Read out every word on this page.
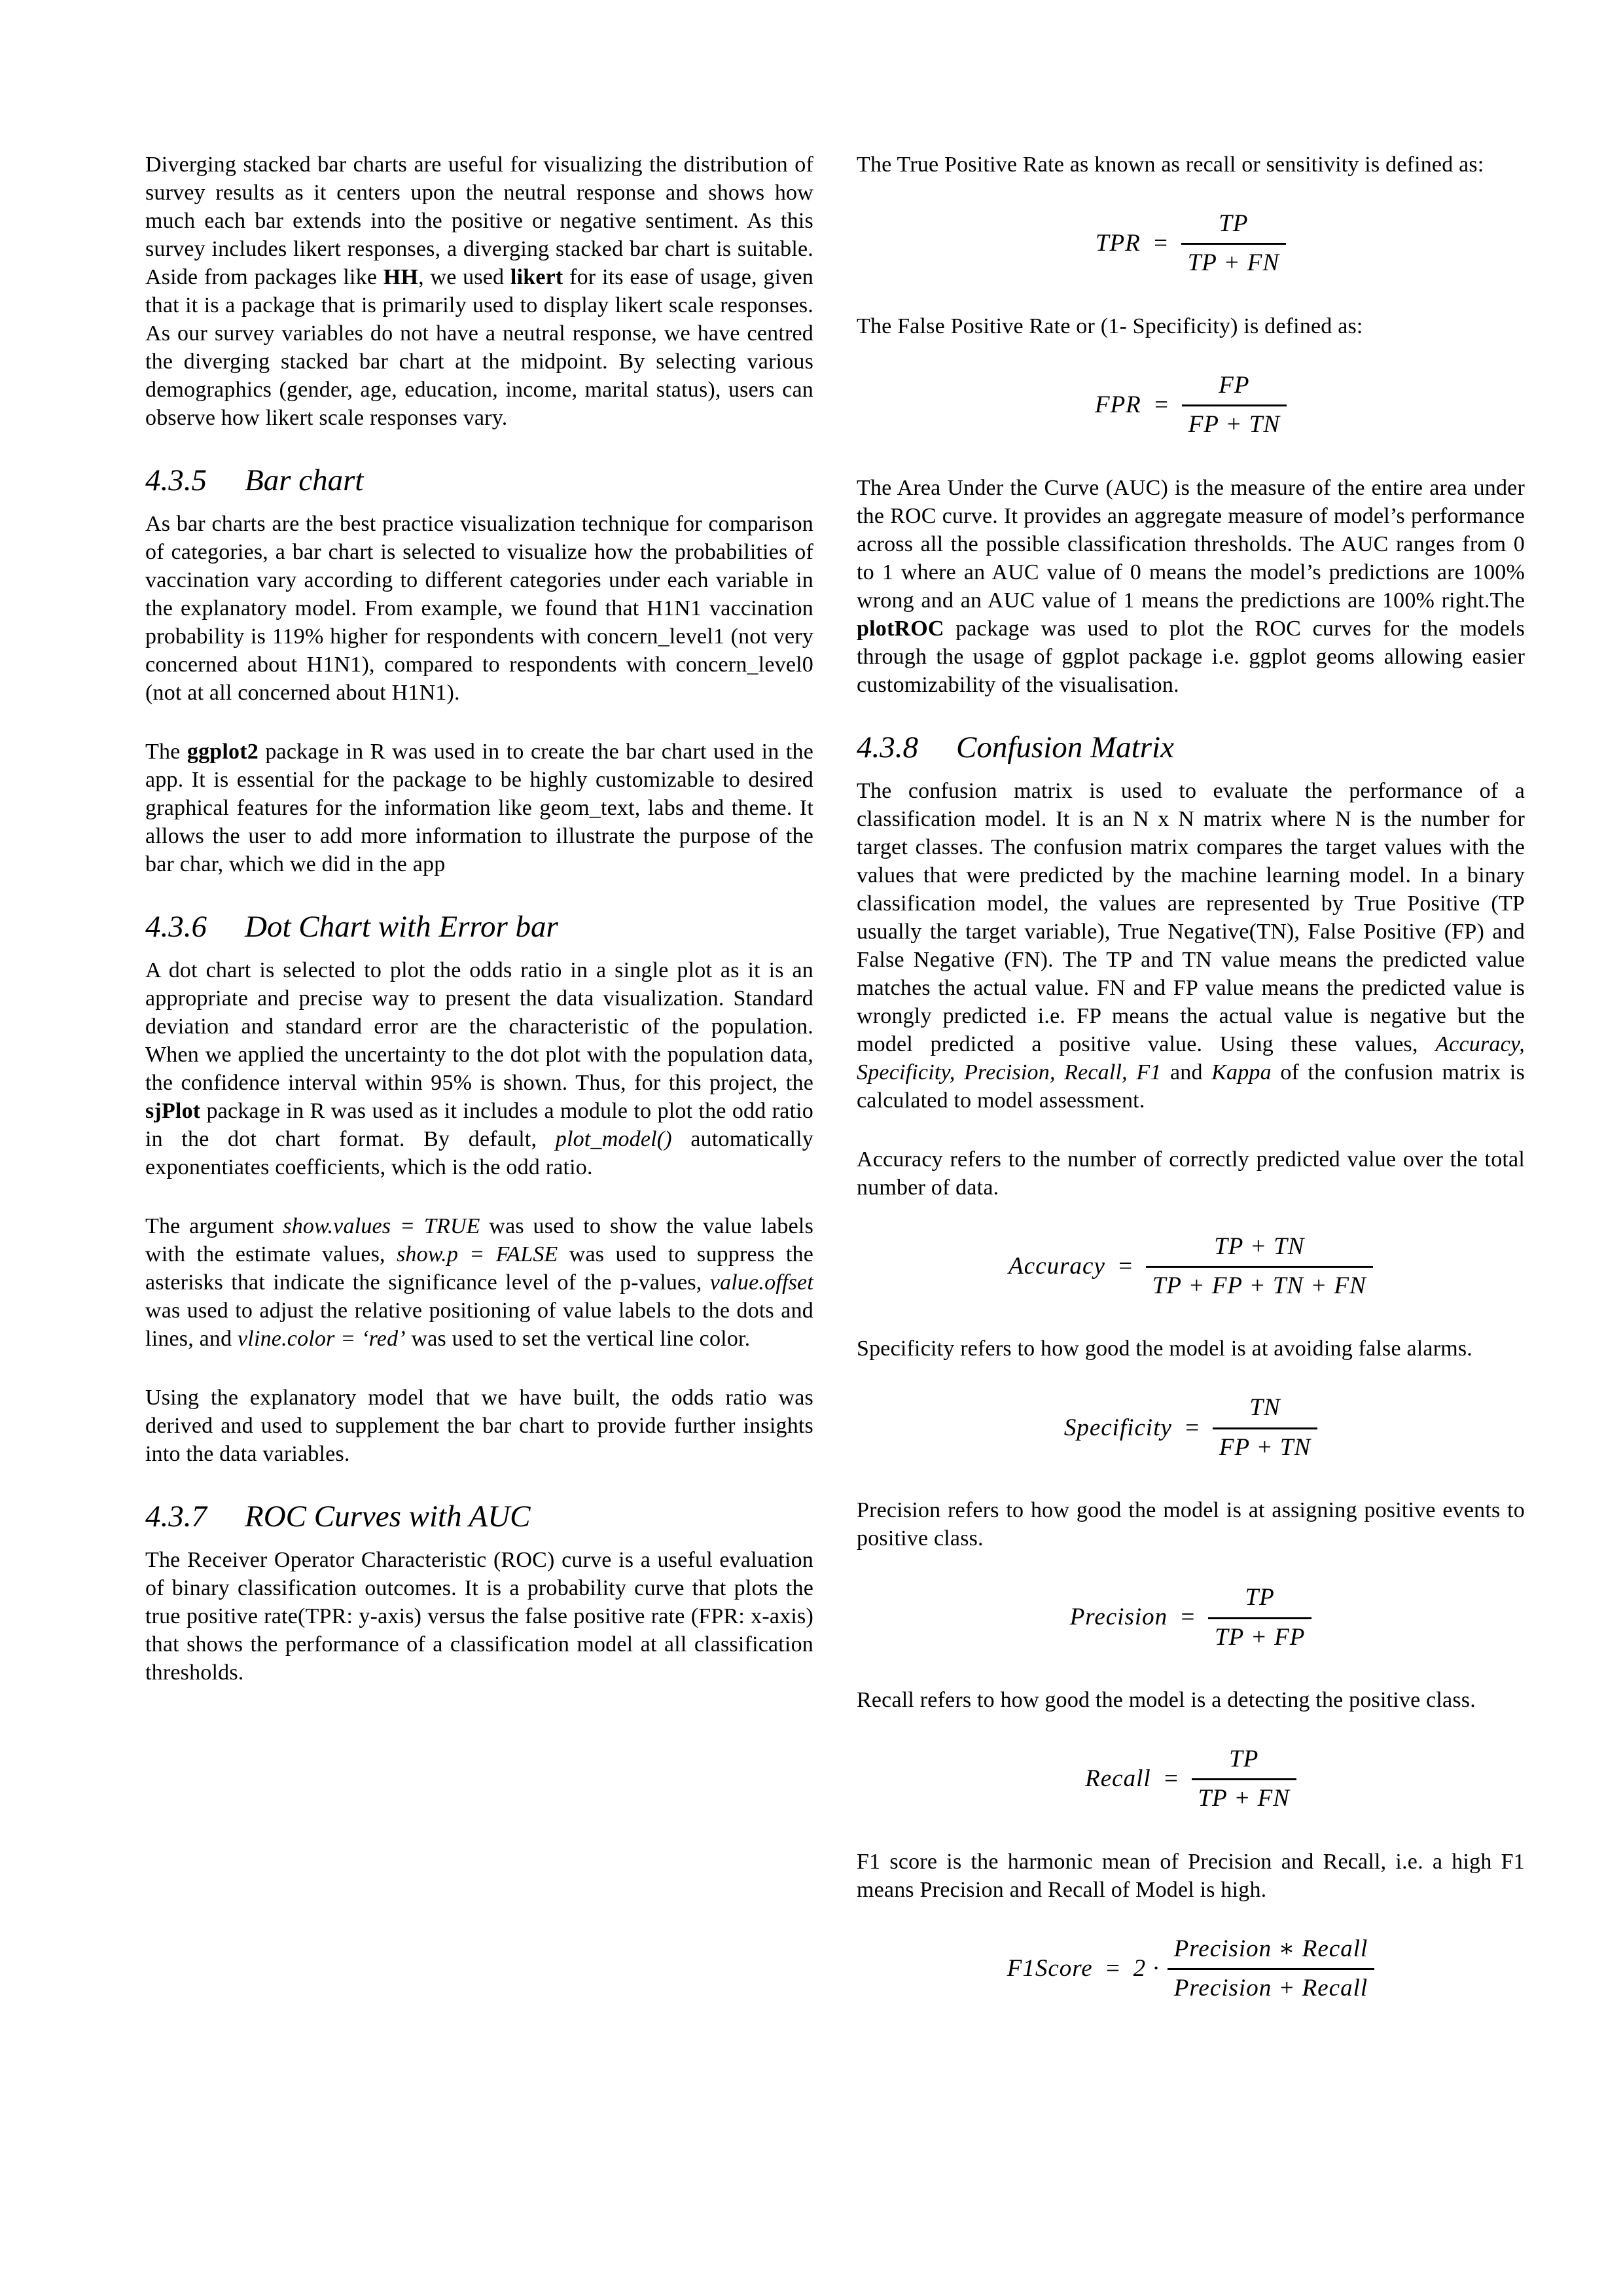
Diverging stacked bar charts are useful for visualizing the distribution of survey results as it centers upon the neutral response and shows how much each bar extends into the positive or negative sentiment. As this survey includes likert responses, a diverging stacked bar chart is suitable. Aside from packages like HH, we used likert for its ease of usage, given that it is a package that is primarily used to display likert scale responses. As our survey variables do not have a neutral response, we have centred the diverging stacked bar chart at the midpoint. By selecting various demographics (gender, age, education, income, marital status), users can observe how likert scale responses vary.

4.3.5 Bar chart

As bar charts are the best practice visualization technique for comparison of categories, a bar chart is selected to visualize how the probabilities of vaccination vary according to different categories under each variable in the explanatory model. From example, we found that H1N1 vaccination probability is 119% higher for respondents with concern_level1 (not very concerned about H1N1), compared to respondents with concern_level0 (not at all concerned about H1N1).

The ggplot2 package in R was used in to create the bar chart used in the app. It is essential for the package to be highly customizable to desired graphical features for the information like geom_text, labs and theme. It allows the user to add more information to illustrate the purpose of the bar char, which we did in the app

4.3.6 Dot Chart with Error bar

A dot chart is selected to plot the odds ratio in a single plot as it is an appropriate and precise way to present the data visualization. Standard deviation and standard error are the characteristic of the population. When we applied the uncertainty to the dot plot with the population data, the confidence interval within 95% is shown. Thus, for this project, the sjPlot package in R was used as it includes a module to plot the odd ratio in the dot chart format. By default, plot_model() automatically exponentiates coefficients, which is the odd ratio.

The argument show.values = TRUE was used to show the value labels with the estimate values, show.p = FALSE was used to suppress the asterisks that indicate the significance level of the p-values, value.offset was used to adjust the relative positioning of value labels to the dots and lines, and vline.color = ‘red’ was used to set the vertical line color.

Using the explanatory model that we have built, the odds ratio was derived and used to supplement the bar chart to provide further insights into the data variables.

4.3.7 ROC Curves with AUC

The Receiver Operator Characteristic (ROC) curve is a useful evaluation of binary classification outcomes. It is a probability curve that plots the true positive rate(TPR: y-axis) versus the false positive rate (FPR: x-axis) that shows the performance of a classification model at all classification thresholds.

The True Positive Rate as known as recall or sensitivity is defined as:

TPR = $\frac{TP}{TP + FN}$

The False Positive Rate or (1- Specificity) is defined as:

FPR = $\frac{FP}{FP + TN}$

The Area Under the Curve (AUC) is the measure of the entire area under the ROC curve. It provides an aggregate measure of model’s performance across all the possible classification thresholds. The AUC ranges from 0 to 1 where an AUC value of 0 means the model’s predictions are 100% wrong and an AUC value of 1 means the predictions are 100% right.The plotROC package was used to plot the ROC curves for the models through the usage of ggplot package i.e. ggplot geoms allowing easier customizability of the visualisation.

4.3.8 Confusion Matrix

The confusion matrix is used to evaluate the performance of a classification model. It is an N x N matrix where N is the number for target classes. The confusion matrix compares the target values with the values that were predicted by the machine learning model. In a binary classification model, the values are represented by True Positive (TP usually the target variable), True Negative(TN), False Positive (FP) and False Negative (FN). The TP and TN value means the predicted value matches the actual value. FN and FP value means the predicted value is wrongly predicted i.e. FP means the actual value is negative but the model predicted a positive value. Using these values, Accuracy, Specificity, Precision, Recall, F1 and Kappa of the confusion matrix is calculated to model assessment.

Accuracy refers to the number of correctly predicted value over the total number of data.

Accuracy = $\frac{TP + TN}{TP + FP + TN + FN}$

Specificity refers to how good the model is at avoiding false alarms.

Specificity = $\frac{TN}{FP + TN}$

Precision refers to how good the model is at assigning positive events to positive class.

Precision = $\frac{TP}{TP + FP}$

Recall refers to how good the model is a detecting the positive class.

Recall = $\frac{TP}{TP + FN}$

F1 score is the harmonic mean of Precision and Recall, i.e. a high F1 means Precision and Recall of Model is high.

F1Score = $2 \cdot \frac{\text{Precision ∗ Recall}}{\text{Precision + Recall}}$
